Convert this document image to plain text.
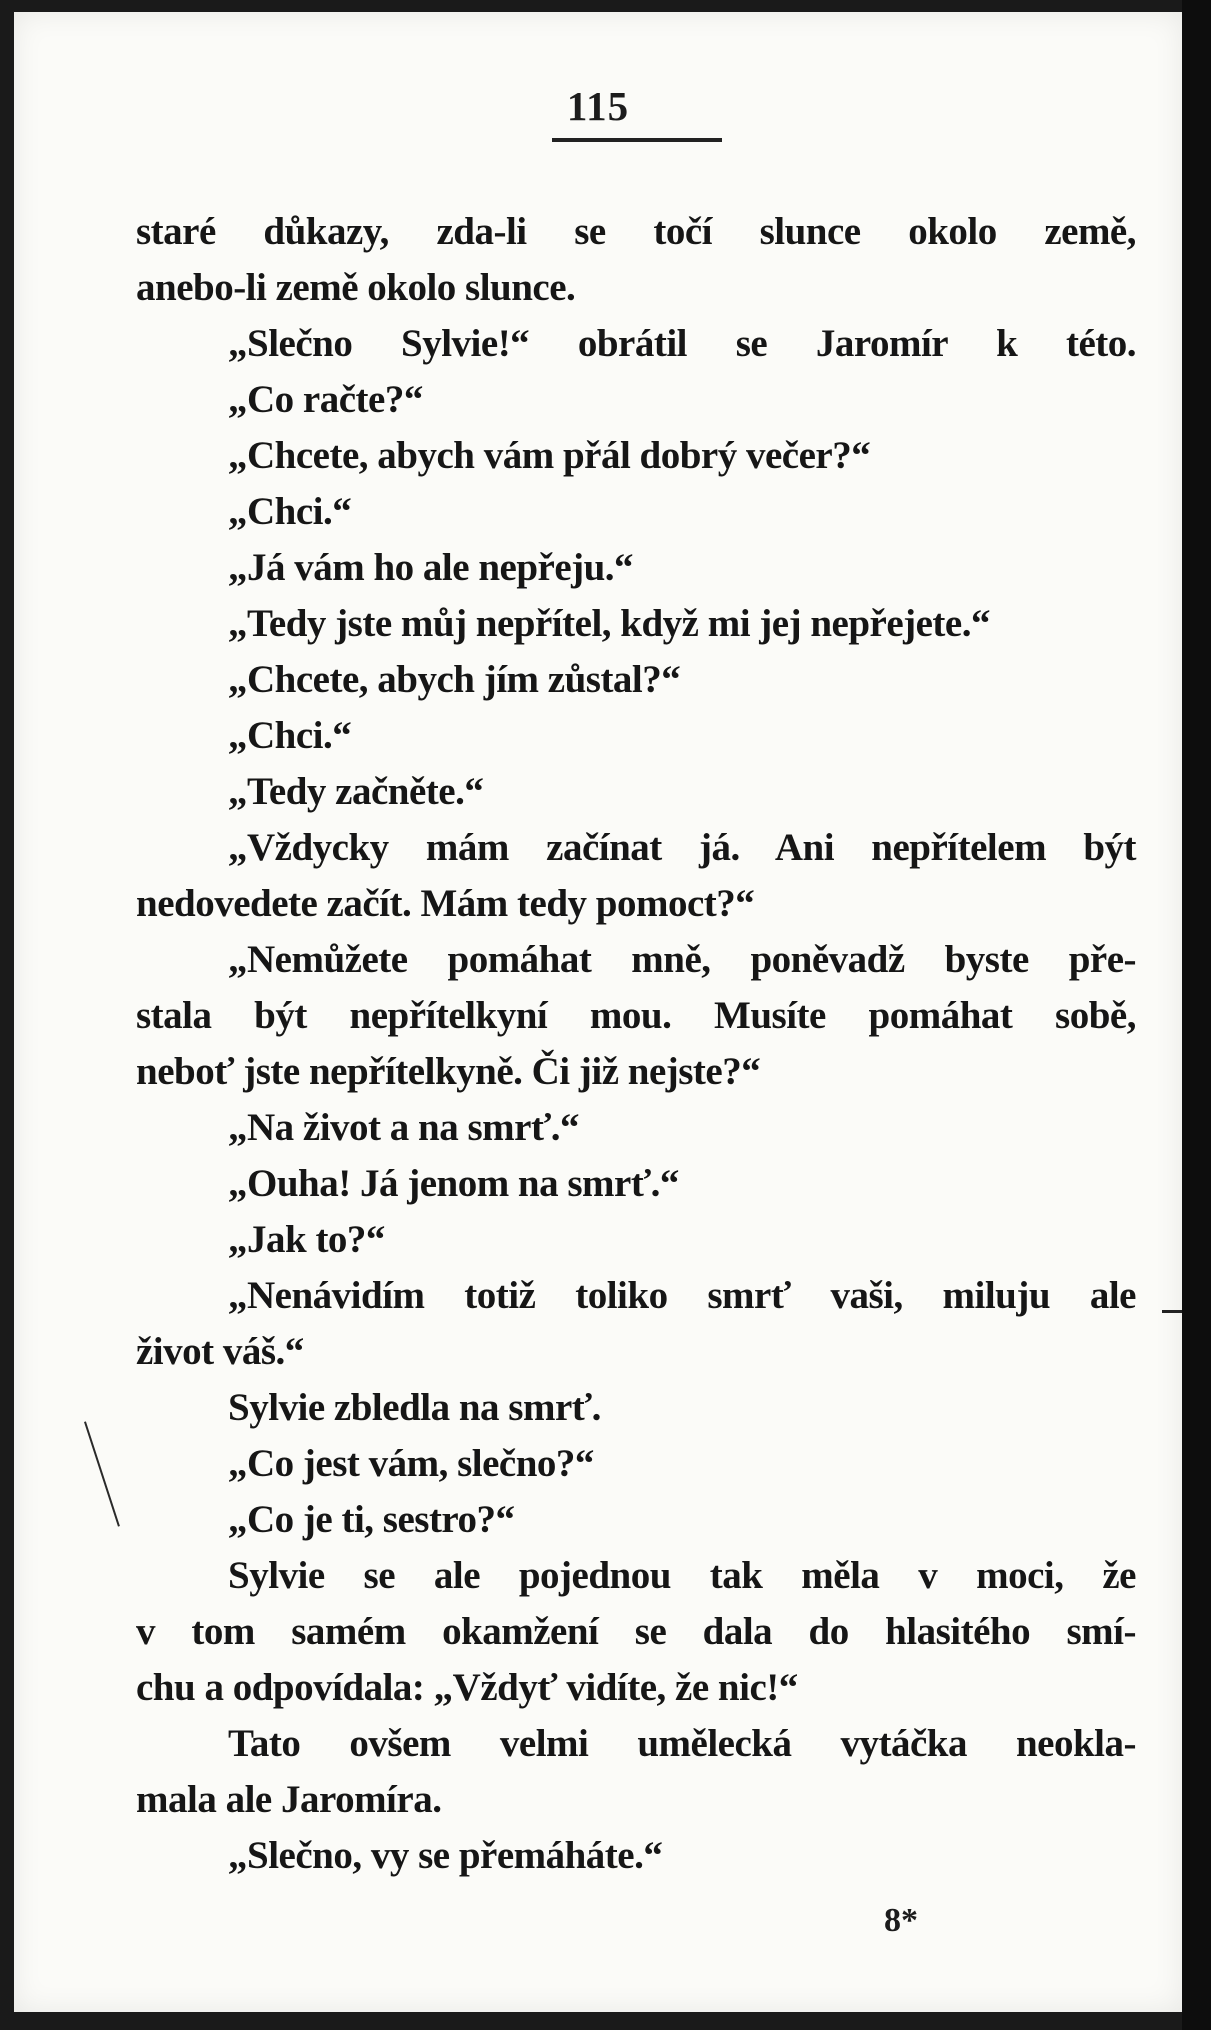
115
staré důkazy, zda-li se točí slunce okolo země,
anebo-li země okolo slunce.
„Slečno Sylvie!“ obrátil se Jaromír k této.
„Co račte?“
„Chcete, abych vám přál dobrý večer?“
„Chci.“
„Já vám ho ale nepřeju.“
„Tedy jste můj nepřítel, když mi jej nepřejete.“
„Chcete, abych jím zůstal?“
„Chci.“
„Tedy začněte.“
„Vždycky mám začínat já. Ani nepřítelem být
nedovedete začít. Mám tedy pomoct?“
„Nemůžete pomáhat mně, poněvadž byste pře-
stala být nepřítelkyní mou. Musíte pomáhat sobě,
neboť jste nepřítelkyně. Či již nejste?“
„Na život a na smrť.“
„Ouha! Já jenom na smrť.“
„Jak to?“
„Nenávidím totiž toliko smrť vaši, miluju ale
život váš.“
Sylvie zbledla na smrť.
„Co jest vám, slečno?“
„Co je ti, sestro?“
Sylvie se ale pojednou tak měla v moci, že
v tom samém okamžení se dala do hlasitého smí-
chu a odpovídala: „Vždyť vidíte, že nic!“
Tato ovšem velmi umělecká vytáčka neokla-
mala ale Jaromíra.
„Slečno, vy se přemáháte.“
8*
